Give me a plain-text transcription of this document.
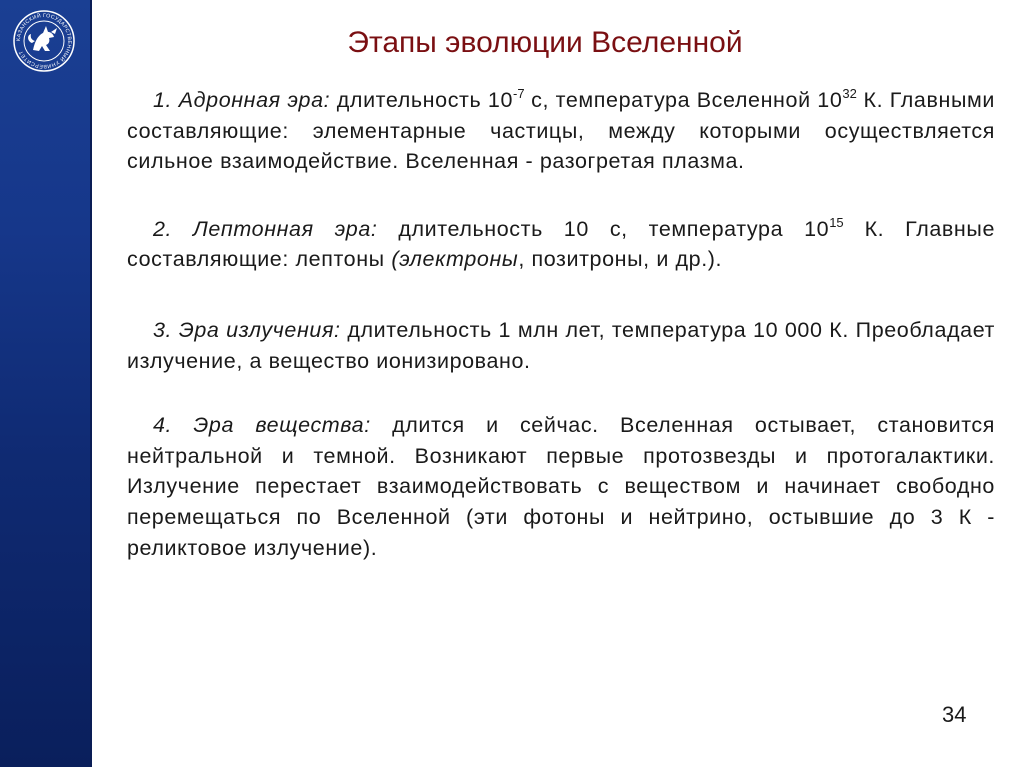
КАЗАНСКИЙ ГОСУДАРСТВЕННЫЙ УНИВЕРСИТЕТ	Этапы эволюции Вселенной

1. Адронная эра: длительность $10^{-7}$ с, температура Вселенной $10^{32}$ К. Главными составляющие: элементарные частицы, между которыми осуществляется сильное взаимодействие. Вселенная - разогретая плазма.

2. Лептонная эра: длительность 10 с, температура $10^{15}$ К. Главные составляющие: лептоны (электроны, позитроны, и др.).

3. Эра излучения: длительность 1 млн лет, температура 10 000 К. Преобладает излучение, а вещество ионизировано.

4. Эра вещества: длится и сейчас. Вселенная остывает, становится нейтральной и темной. Возникают первые протозвезды и протогалактики. Излучение перестает взаимодействовать с веществом и начинает свободно перемещаться по Вселенной (эти фотоны и нейтрино, остывшие до 3 К - реликтовое излучение).

34
